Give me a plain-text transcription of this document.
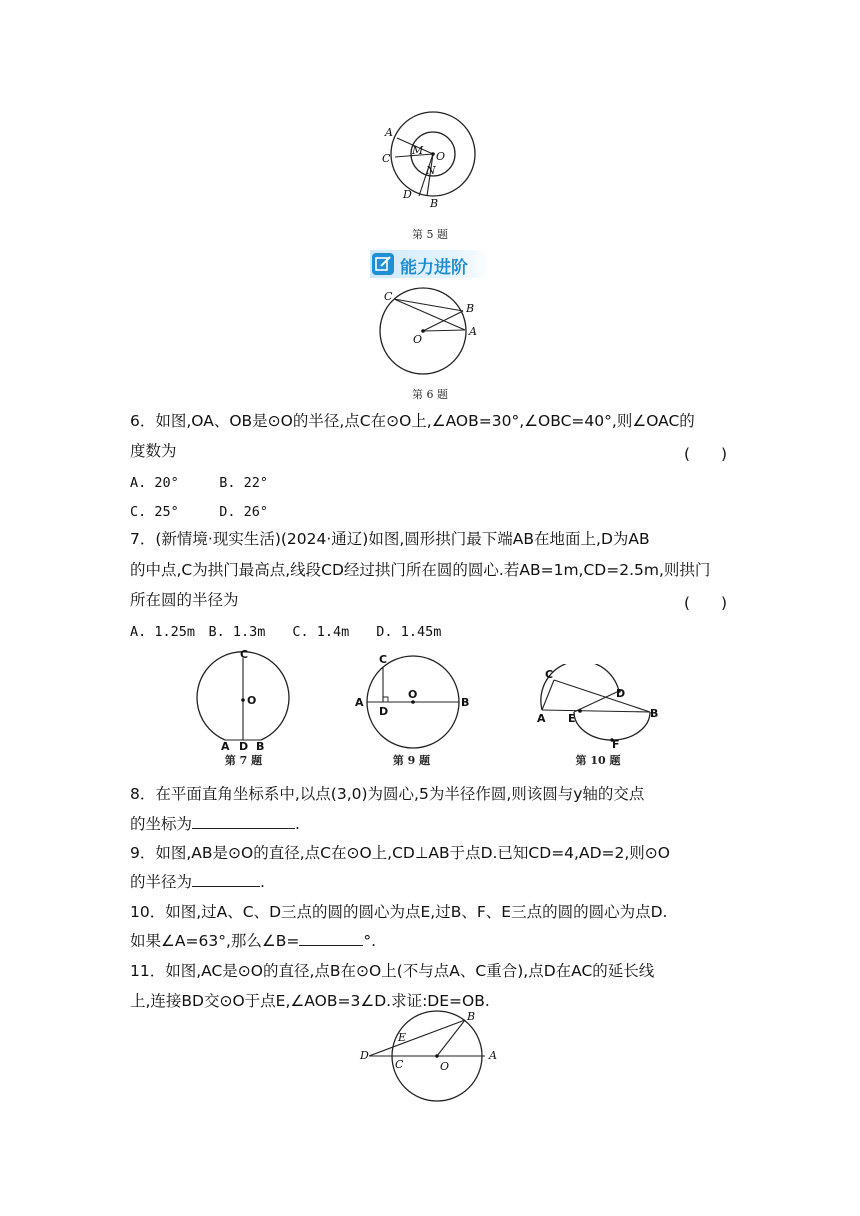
A
C
M O
D
N
B
第 5 题
能力进阶
C
B
A
O
第 6 题
6．如图,OA、OB是⊙O的半径,点C在⊙O上,∠AOB=30°,∠OBC=40°,则∠OAC的
度数为	(　　)
A. 20°　　　B. 22°
C. 25°　　　D. 26°
7．(新情境·现实生活)(2024·通辽)如图,圆形拱门最下端AB在地面上,D为AB
的中点,C为拱门最高点,线段CD经过拱门所在圆的圆心.若AB=1m,CD=2.5m,则拱门
所在圆的半径为	(　　)
A. 1.25m　B. 1.3m　　C. 1.4m　　D. 1.45m
C
O
A D B
第 7 题
C
O
A
D
B
第 9 题
C
D
A E	B
F
第 10 题
8．在平面直角坐标系中,以点(3,0)为圆心,5为半径作圆,则该圆与y轴的交点
的坐标为	.
9．如图,AB是⊙O的直径,点C在⊙O上,CD⊥AB于点D.已知CD=4,AD=2,则⊙O
的半径为	.
10．如图,过A、C、D三点的圆的圆心为点E,过B、F、E三点的圆的圆心为点D.
如果∠A=63°,那么∠B=	°.
11．如图,AC是⊙O的直径,点B在⊙O上(不与点A、C重合),点D在AC的延长线
上,连接BD交⊙O于点E,∠AOB=3∠D.求证:DE=OB.
B
E
D
C	O
A
